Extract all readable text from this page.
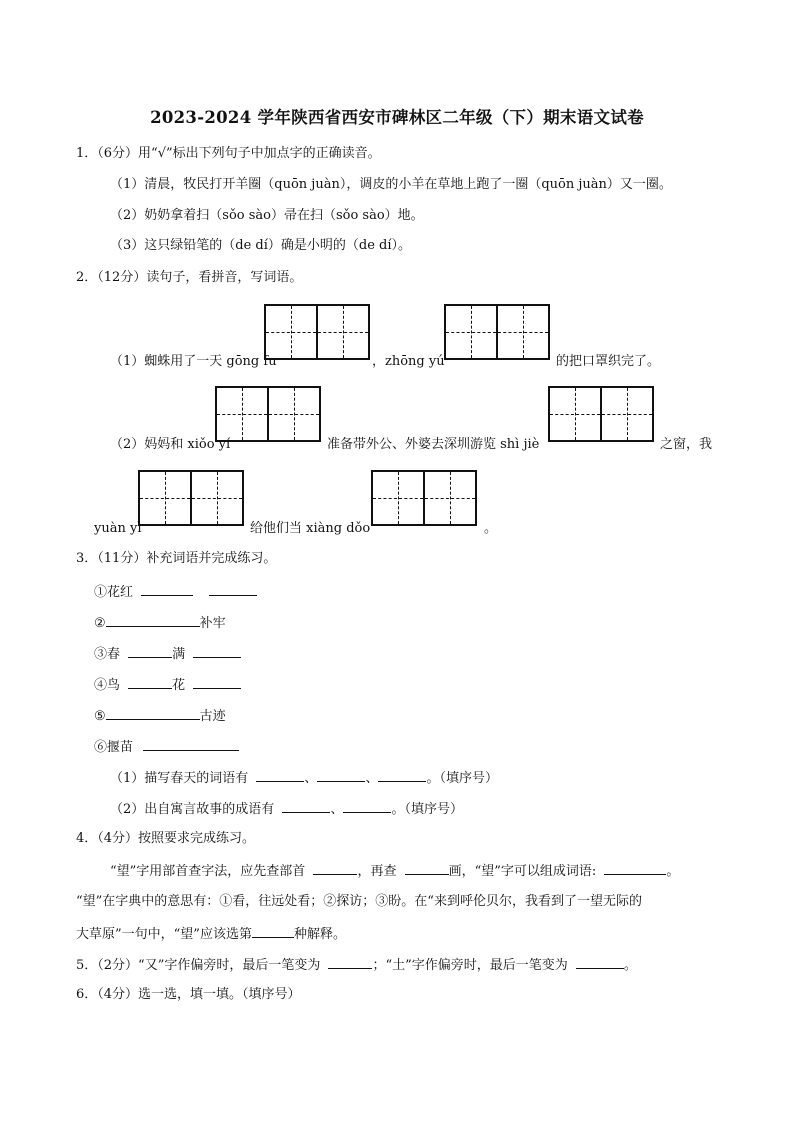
2023-2024 学年陕西省西安市碑林区二年级（下）期末语文试卷
1．（6分）用“√”标出下列句子中加点字的正确读音。
（1）清晨，牧民打开羊圈（quōn juàn），调皮的小羊在草地上跑了一圈（quōn juàn）又一圈。
（2）奶奶拿着扫（sǒo sào）帚在扫（sǒo sào）地。
（3）这只绿铅笔的（de dí）确是小明的（de dí）。
2．（12分）读句子，看拼音，写词语。
（1）蜘蛛用了一天 gōng fu	，zhōng yú	的把口罩织完了。
（2）妈妈和 xiǒo yí	准备带外公、外婆去深圳游览 shì jiè	之窗，我
yuàn yì	给他们当 xiàng dǒo	。
3．（11分）补充词语并完成练习。
①花红
②	补牢
③春	满
④鸟	花
⑤	古迹
⑥揠苗
（1）描写春天的词语有	、	、	。（填序号）
（2）出自寓言故事的成语有	、	。（填序号）
4．（4分）按照要求完成练习。
“望”字用部首查字法，应先查部首	，再查	画，“望”字可以组成词语:	。
“望”在字典中的意思有：①看，往远处看；②探访；③盼。在“来到呼伦贝尔，我看到了一望无际的
大草原”一句中，“望”应该选第	种解释。
5．（2分）“又”字作偏旁时，最后一笔变为	；“土”字作偏旁时，最后一笔变为	。
6．（4分）选一选，填一填。（填序号）
